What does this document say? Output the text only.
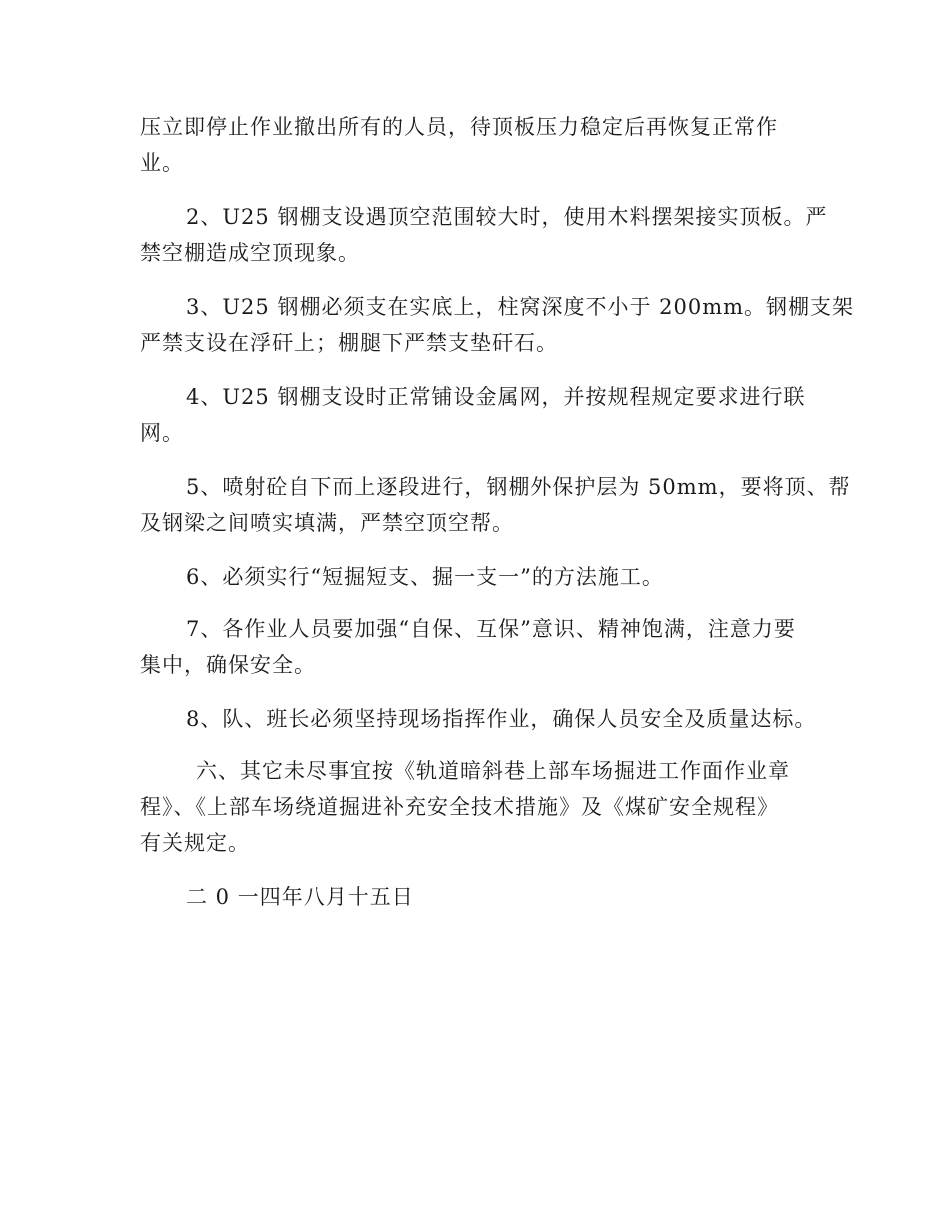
压立即停止作业撤出所有的人员，待顶板压力稳定后再恢复正常作
业。
2、U25 钢棚支设遇顶空范围较大时，使用木料摆架接实顶板。严
禁空棚造成空顶现象。
3、U25 钢棚必须支在实底上，柱窝深度不小于 200mm。钢棚支架
严禁支设在浮矸上；棚腿下严禁支垫矸石。
4、U25 钢棚支设时正常铺设金属网，并按规程规定要求进行联
网。
5、喷射砼自下而上逐段进行，钢棚外保护层为 50mm，要将顶、帮
及钢梁之间喷实填满，严禁空顶空帮。
6、必须实行“短掘短支、掘一支一”的方法施工。
7、各作业人员要加强“自保、互保”意识、精神饱满，注意力要
集中，确保安全。
8、队、班长必须坚持现场指挥作业，确保人员安全及质量达标。
六、其它未尽事宜按《轨道暗斜巷上部车场掘进工作面作业章
程》、《上部车场绕道掘进补充安全技术措施》及《煤矿安全规程》
有关规定。
二 0 一四年八月十五日
